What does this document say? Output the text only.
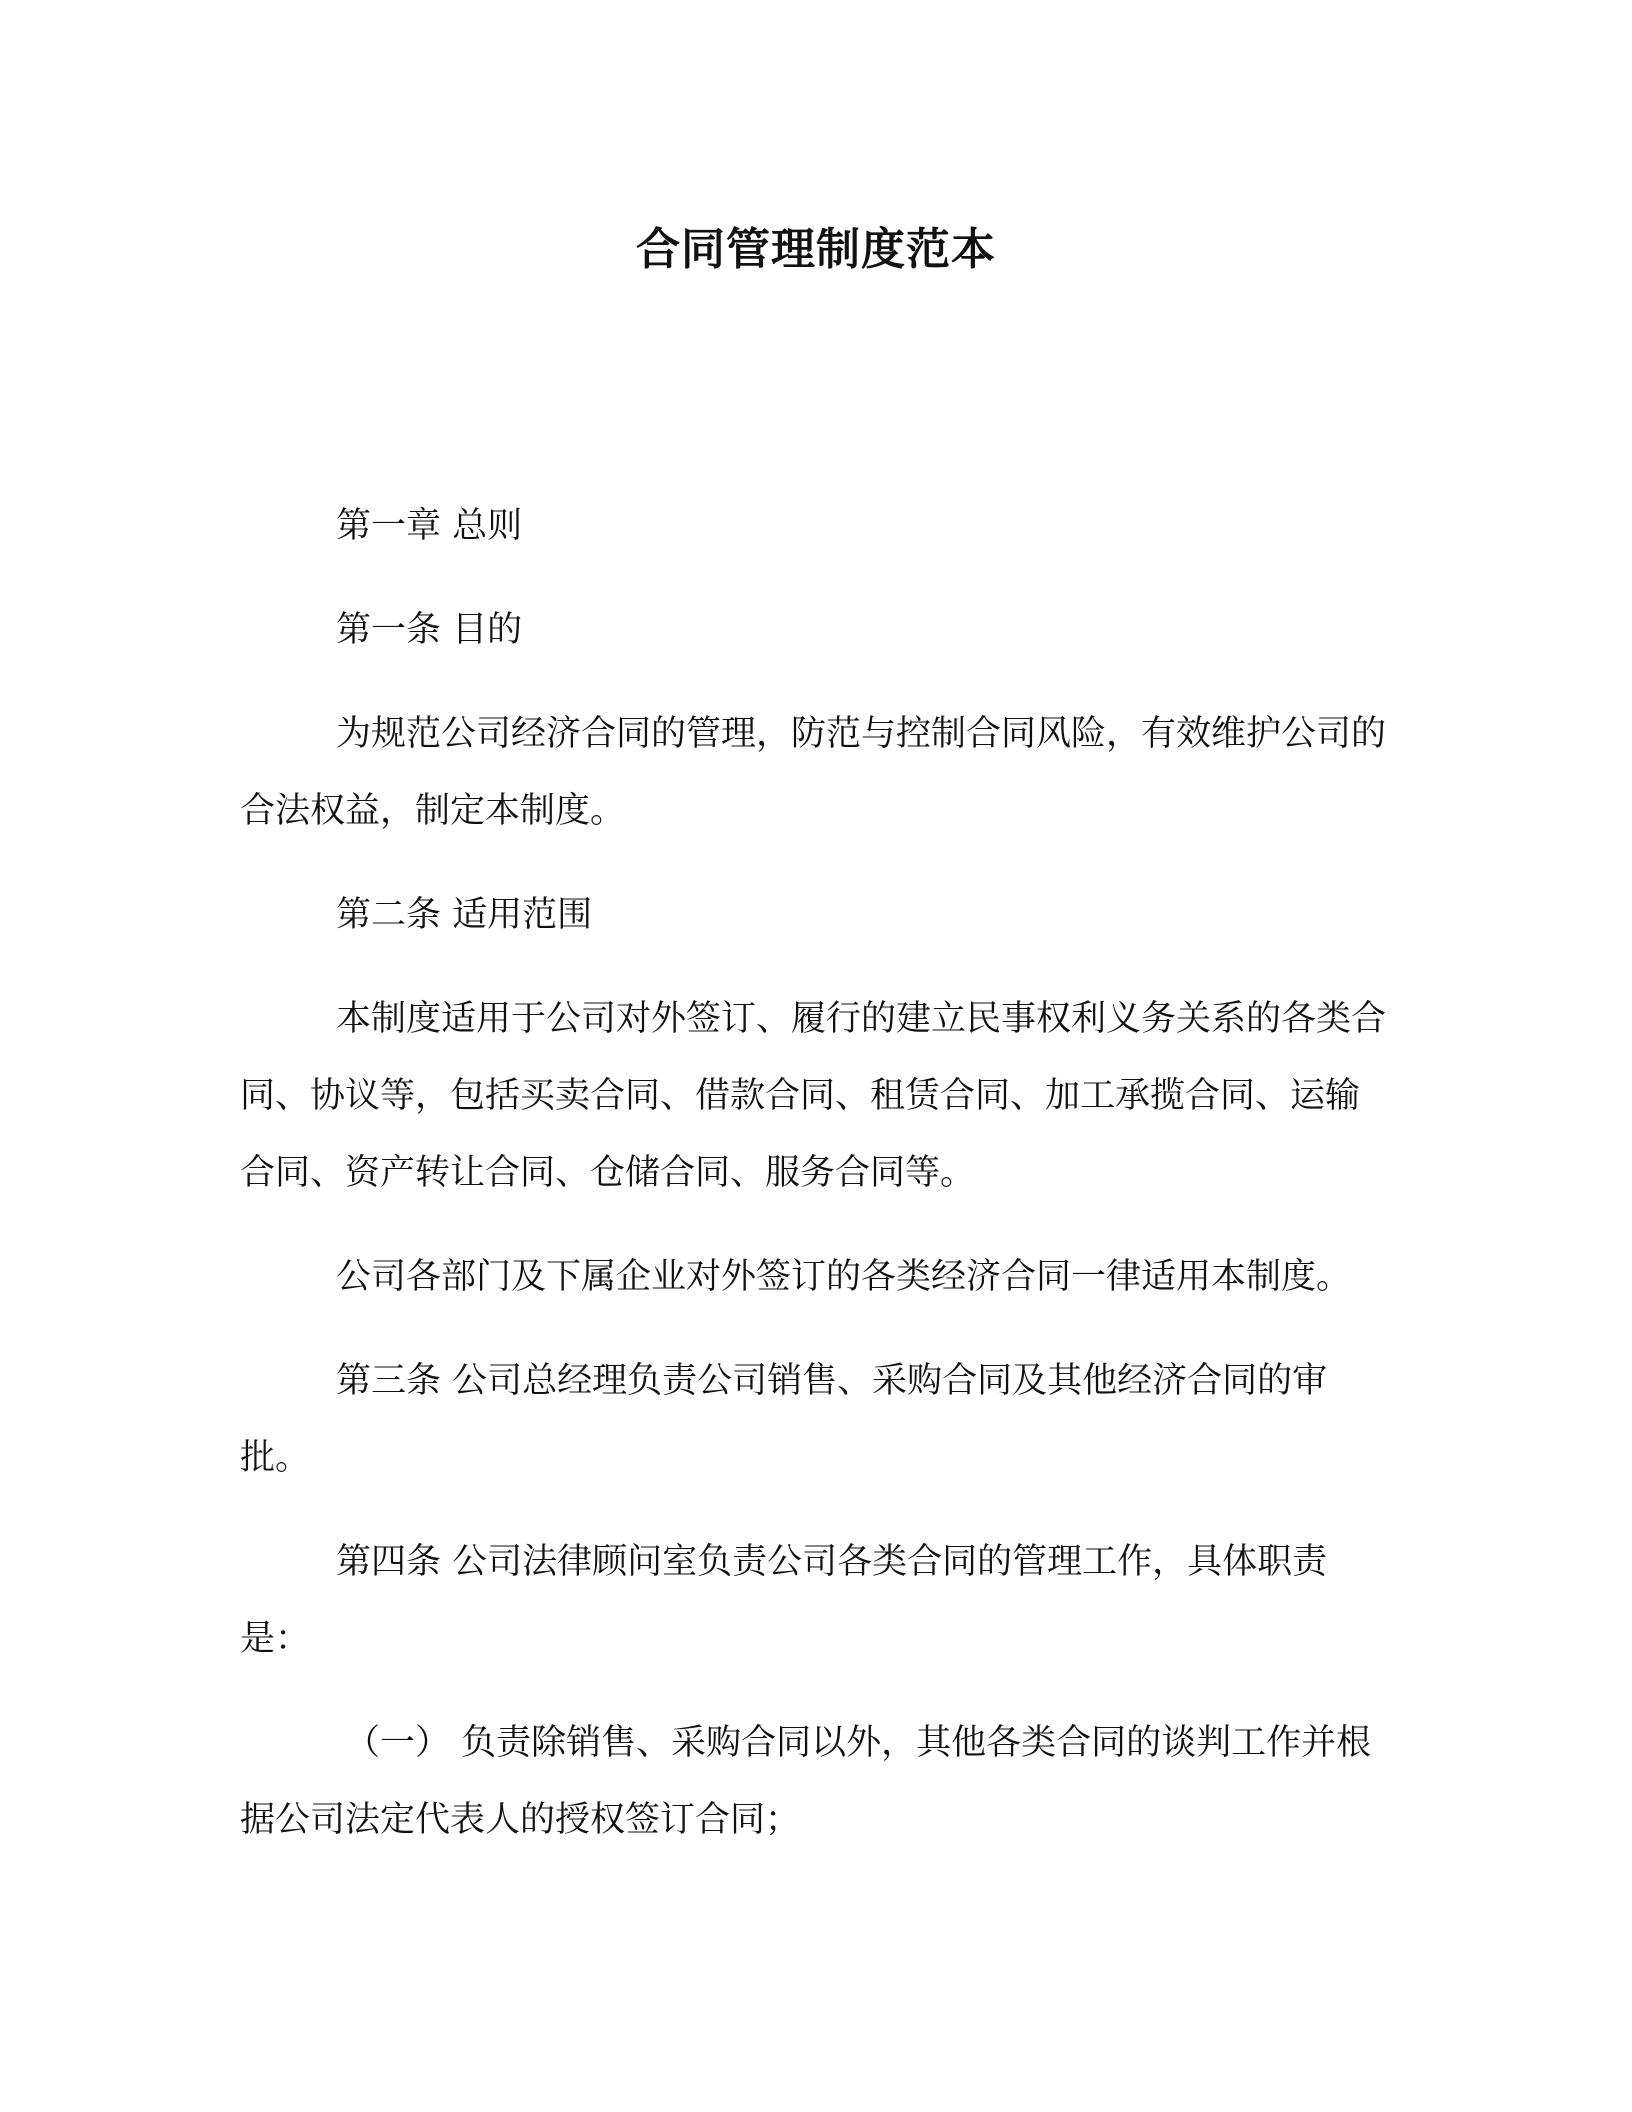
合同管理制度范本

第一章 总则

第一条 目的

为规范公司经济合同的管理，防范与控制合同风险，有效维护公司的合法权益，制定本制度。

第二条 适用范围

本制度适用于公司对外签订、履行的建立民事权利义务关系的各类合同、协议等，包括买卖合同、借款合同、租赁合同、加工承揽合同、运输合同、资产转让合同、仓储合同、服务合同等。

公司各部门及下属企业对外签订的各类经济合同一律适用本制度。

第三条 公司总经理负责公司销售、采购合同及其他经济合同的审批。

第四条 公司法律顾问室负责公司各类合同的管理工作，具体职责是：

（一） 负责除销售、采购合同以外，其他各类合同的谈判工作并根据公司法定代表人的授权签订合同；
